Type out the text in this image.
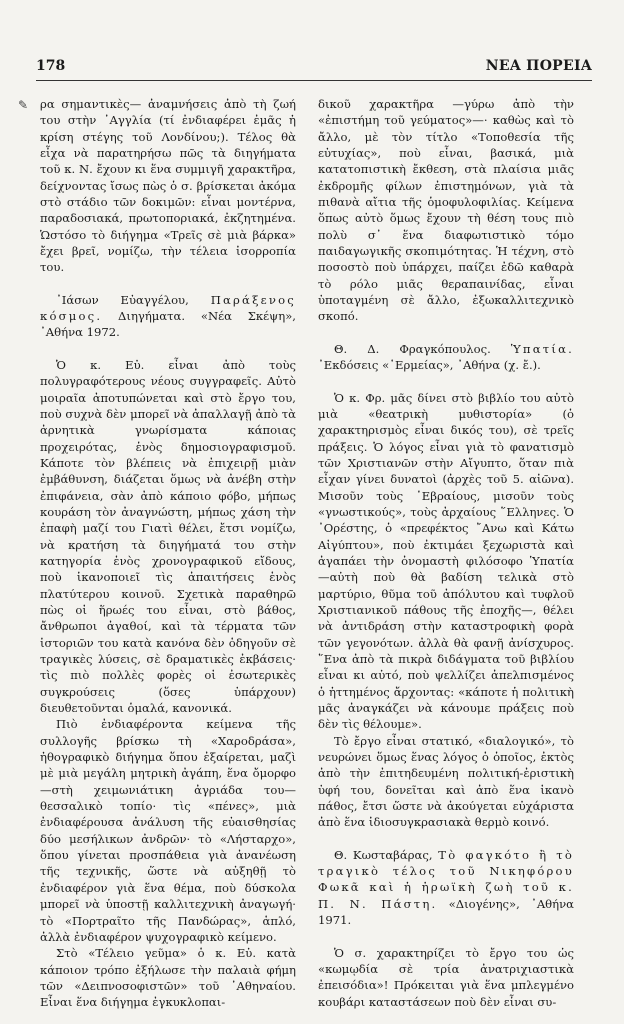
178	ΝΕΑ ΠΟΡΕΙΑ
✎ ρα σημαντικὲς— ἀναμνήσεις ἀπὸ τὴ ζωή του στὴν ᾿Αγγλία (τί ἐνδιαφέρει ἐμᾶς ἡ κρίση στέγης τοῦ Λονδίνου;). Τέλος θὰ εἶχα νὰ παρατηρήσω πῶς τὰ διηγήματα τοῦ κ. Ν. ἔχουν κι ἕνα συμμιγῆ χαρακτῆρα, δείχνοντας ἴσως πὼς ὁ σ. βρίσκεται ἀκόμα στὸ στάδιο τῶν δοκιμῶν: εἶναι μοντέρνα, παραδοσιακά, πρωτοποριακά, ἐκζητημένα. Ὡστόσο τὸ διήγημα «Τρεῖς σὲ μιὰ βάρκα» ἔχει βρεῖ, νομίζω, τὴν τέλεια ἰσορροπία του.

᾿Ιάσων Εὐαγγέλου, Παράξενος κόσμος. Διηγήματα. «Νέα Σκέψη», ᾿Αθήνα 1972.

Ὁ κ. Εὐ. εἶναι ἀπὸ τοὺς πολυγραφότερους νέους συγγραφεῖς. Αὐτὸ μοιραῖα ἀποτυπώνεται καὶ στὸ ἔργο του, ποὺ συχνὰ δὲν μπορεῖ νὰ ἀπαλλαγῇ ἀπὸ τὰ ἀρνητικὰ γνωρίσματα κάποιας προχειρότας, ἑνὸς δημοσιογραφισμοῦ. Κάποτε τὸν βλέπεις νὰ ἐπιχειρῇ μιὰν ἐμβάθυνση, διάζεται ὅμως νὰ ἀνέβη στὴν ἐπιφάνεια, σὰν ἀπὸ κάποιο φόβο, μήπως κουράση τὸν ἀναγνώστη, μήπως χάση τὴν ἐπαφὴ μαζί του Γιατὶ θέλει, ἔτσι νομίζω, νὰ κρατήση τὰ διηγήματά του στὴν κατηγορία ἑνὸς χρονογραφικοῦ εἴδους, ποὺ ἱκανοποιεῖ τὶς ἀπαιτήσεις ἑνὸς πλατύτερου κοινοῦ. Σχετικὰ παραθηρῶ πὼς οἱ ἥρωές του εἶναι, στὸ βάθος, ἄνθρωποι ἀγαθοί, καὶ τὰ τέρματα τῶν ἱστοριῶν του κατὰ κανόνα δὲν ὁδηγοῦν σὲ τραγικὲς λύσεις, σὲ δραματικὲς ἐκβάσεις· τὶς πιὸ πολλὲς φορὲς οἱ ἐσωτερικὲς συγκρούσεις (ὅσες ὑπάρχουν) διευθετοῦνται ὁμαλά, κανονικά.

Πιὸ ἐνδιαφέροντα κείμενα τῆς συλλογῆς βρίσκω τὴ «Χαροδράσα», ἠθογραφικὸ διήγημα ὅπου ἐξαίρεται, μαζὶ μὲ μιὰ μεγάλη μητρικὴ ἀγάπη, ἕνα ὄμορφο —στὴ χειμωνιάτικη ἀγριάδα του— θεσσαλικὸ τοπίο· τὶς «πένες», μιὰ ἐνδιαφέρουσα ἀνάλυση τῆς εὐαισθησίας δύο μεσήλικων ἀνδρῶν· τὸ «Λήσταρχο», ὅπου γίνεται προσπάθεια γιὰ ἀνανέωση τῆς τεχνικῆς, ὥστε νὰ αὐξηθῇ τὸ ἐνδιαφέρον γιὰ ἕνα θέμα, ποὺ δύσκολα μπορεῖ νὰ ὑποστῇ καλλιτεχνικὴ ἀναγωγή· τὸ «Πορτραῖτο τῆς Πανδώρας», ἁπλό, ἀλλὰ ἐνδιαφέρον ψυχογραφικὸ κείμενο.

Στὸ «Τέλειο γεῦμα» ὁ κ. Εὐ. κατὰ κάποιον τρόπο ἐξήλωσε τὴν παλαιὰ φήμη τῶν «Δειπνοσοφιστῶν» τοῦ ᾿Αθηναίου. Εἶναι ἕνα διήγημα ἐγκυκλοπαι-

δικοῦ χαρακτῆρα —γύρω ἀπὸ τὴν «ἐπιστήμη τοῦ γεύματος»—· καθὼς καὶ τὸ ἄλλο, μὲ τὸν τίτλο «Τοποθεσία τῆς εὐτυχίας», ποὺ εἶναι, βασικά, μιὰ κατατοπιστικὴ ἔκθεση, στὰ πλαίσια μιᾶς ἐκδρομῆς φίλων ἐπιστημόνων, γιὰ τὰ πιθανὰ αἴτια τῆς ὁμοφυλοφιλίας. Κείμενα ὅπως αὐτὸ ὅμως ἔχουν τὴ θέση τους πιὸ πολὺ σ᾿ ἕνα διαφωτιστικὸ τόμο παιδαγωγικῆς σκοπιμότητας. Ἡ τέχνη, στὸ ποσοστὸ ποὺ ὑπάρχει, παίζει ἐδῶ καθαρὰ τὸ ρόλο μιᾶς θεραπαινίδας, εἶναι ὑποταγμένη σὲ ἄλλο, ἐξωκαλλιτεχνικὸ σκοπό.

Θ. Δ. Φραγκόπουλος. Ὑπατία. ᾿Εκδόσεις «῾Ερμείας», ᾿Αθήνα (χ. ἔ.).

Ὁ κ. Φρ. μᾶς δίνει στὸ βιβλίο του αὐτὸ μιὰ «θεατρικὴ μυθιστορία» (ὁ χαρακτηρισμὸς εἶναι δικός του), σὲ τρεῖς πράξεις. Ὁ λόγος εἶναι γιὰ τὸ φανατισμὸ τῶν Χριστιανῶν στὴν Αἴγυπτο, ὅταν πιὰ εἶχαν γίνει δυνατοὶ (ἀρχὲς τοῦ 5. αἰῶνα). Μισοῦν τοὺς ῾Εβραίους, μισοῦν τοὺς «γνωστικούς», τοὺς ἀρχαίους ῞Ελληνες. Ὁ ᾿Ορέστης, ὁ «πρεφέκτος ῎Ανω καὶ Κάτω Αἰγύπτου», ποὺ ἐκτιμάει ξεχωριστὰ καὶ ἀγαπάει τὴν ὀνομαστὴ φιλόσοφο Ὑπατία —αὐτὴ ποὺ θὰ βαδίση τελικὰ στὸ μαρτύριο, θῦμα τοῦ ἀπόλυτου καὶ τυφλοῦ Χριστιανικοῦ πάθους τῆς ἐποχῆς—, θέλει νὰ ἀντιδράση στὴν καταστροφικὴ φορὰ τῶν γεγονότων. ἀλλὰ θὰ φανῇ ἀνίσχυρος. ῞Ενα ἀπὸ τὰ πικρὰ διδάγματα τοῦ βιβλίου εἶναι κι αὐτό, ποὺ ψελλίζει ἀπελπισμένος ὁ ἡττημένος ἄρχοντας: «κάποτε ἡ πολιτικὴ μᾶς ἀναγκάζει νὰ κάνουμε πράξεις ποὺ δὲν τὶς θέλουμε».

Τὸ ἔργο εἶναι στατικό, «διαλογικό», τὸ νευρώνει ὅμως ἕνας λόγος ὁ ὁποῖος, ἐκτὸς ἀπὸ τὴν ἐπιτηδευμένη πολιτική-ἐριστικὴ ὑφή του, δονεῖται καὶ ἀπὸ ἕνα ἱκανὸ πάθος, ἔτσι ὥστε νὰ ἀκούγεται εὐχάριστα ἀπὸ ἕνα ἰδιοσυγκρασιακὰ θερμὸ κοινό.

Θ. Κωσταβάρας, Τὸ φαγκότο ἢ τὸ τραγικὸ τέλος τοῦ Νικηφόρου Φωκᾶ καὶ ἡ ἡρωϊκὴ ζωὴ τοῦ κ. Π. Ν. Πάστη. «Διογένης», ᾿Αθήνα 1971.

Ὁ σ. χαρακτηρίζει τὸ ἔργο του ὡς «κωμῳδία σὲ τρία ἀνατριχιαστικὰ ἐπεισόδια»! Πρόκειται γιὰ ἕνα μπλεγμένο κουβάρι καταστάσεων ποὺ δὲν εἶναι συ-
